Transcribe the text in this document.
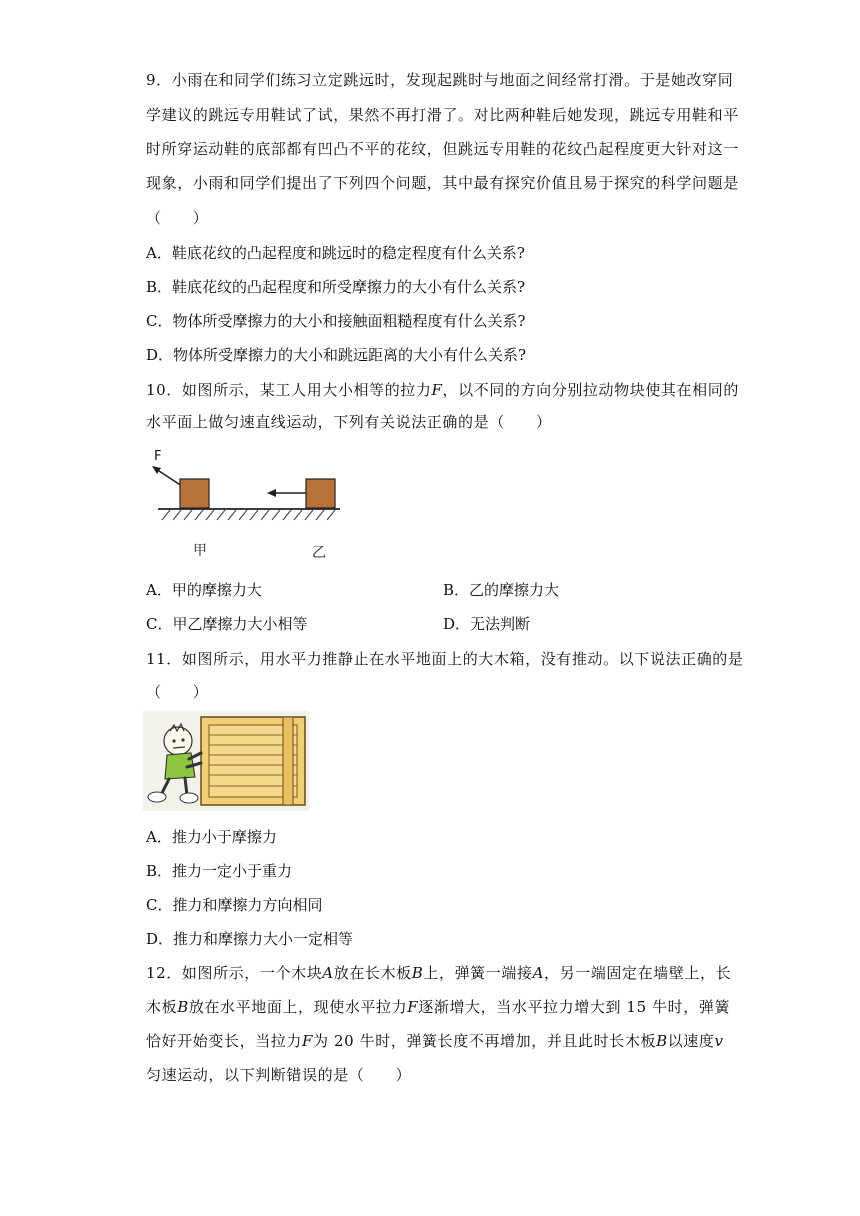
9．小雨在和同学们练习立定跳远时，发现起跳时与地面之间经常打滑。于是她改穿同
学建议的跳远专用鞋试了试，果然不再打滑了。对比两种鞋后她发现，跳远专用鞋和平
时所穿运动鞋的底部都有凹凸不平的花纹，但跳远专用鞋的花纹凸起程度更大针对这一
现象，小雨和同学们提出了下列四个问题，其中最有探究价值且易于探究的科学问题是
（　　）
A．鞋底花纹的凸起程度和跳远时的稳定程度有什么关系?
B．鞋底花纹的凸起程度和所受摩擦力的大小有什么关系?
C．物体所受摩擦力的大小和接触面粗糙程度有什么关系?
D．物体所受摩擦力的大小和跳远距离的大小有什么关系?
10．如图所示，某工人用大小相等的拉力F，以不同的方向分别拉动物块使其在相同的
水平面上做匀速直线运动，下列有关说法正确的是（　　）
F
甲	乙
A．甲的摩擦力大	B．乙的摩擦力大
C．甲乙摩擦力大小相等	D．无法判断
11．如图所示，用水平力推静止在水平地面上的大木箱，没有推动。以下说法正确的是
（　　）
A．推力小于摩擦力
B．推力一定小于重力
C．推力和摩擦力方向相同
D．推力和摩擦力大小一定相等
12．如图所示，一个木块A放在长木板B上，弹簧一端接A，另一端固定在墙壁上，长
木板B放在水平地面上，现使水平拉力F逐渐增大，当水平拉力增大到 15 牛时，弹簧
恰好开始变长，当拉力F为 20 牛时，弹簧长度不再增加，并且此时长木板B以速度v
匀速运动，以下判断错误的是（　　）
